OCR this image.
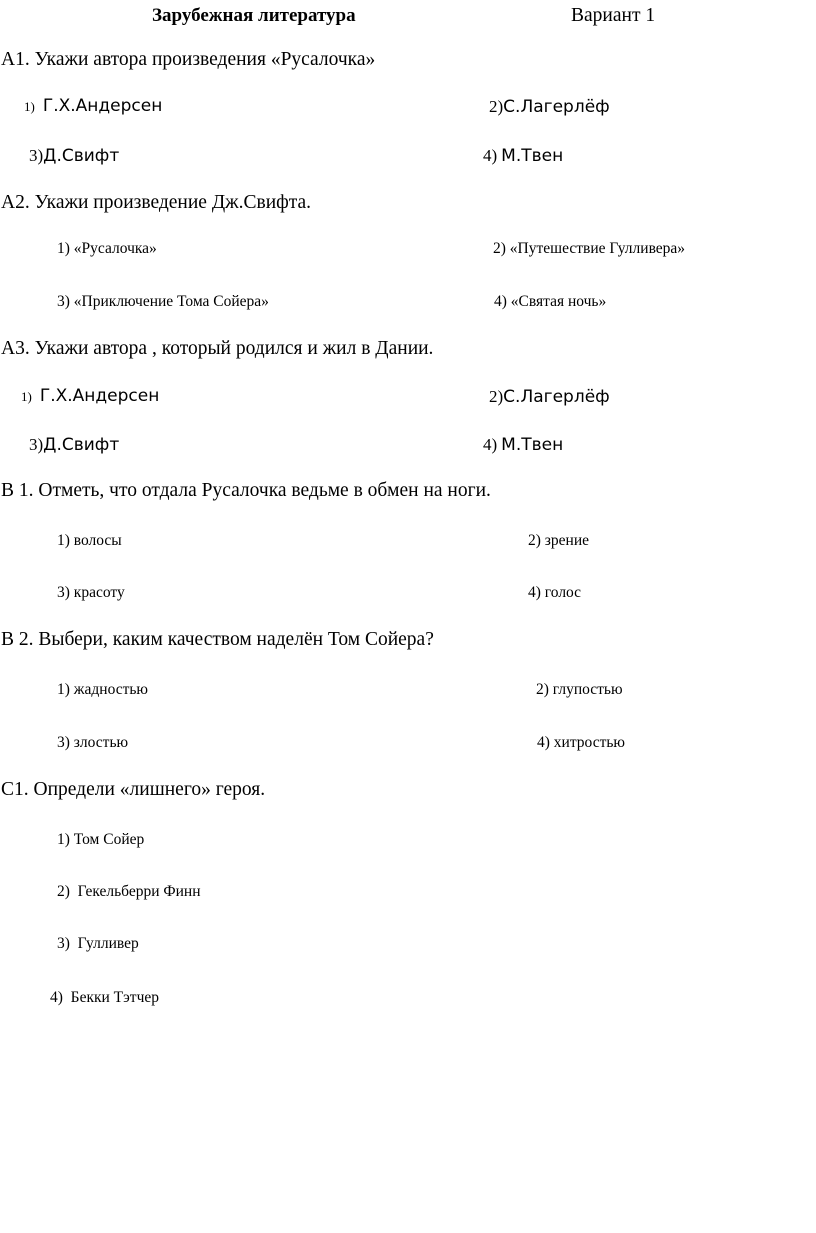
Зарубежная литература	Вариант 1
А1. Укажи автора произведения «Русалочка»
1) Г.Х.Андерсен	2)С.Лагерлёф
3)Д.Свифт	4) М.Твен
А2. Укажи произведение Дж.Свифта.
1) «Русалочка»	2) «Путешествие Гулливера»
3) «Приключение Тома Сойера»	4) «Святая ночь»
А3. Укажи автора , который родился и жил в Дании.
1) Г.Х.Андерсен	2)С.Лагерлёф
3)Д.Свифт	4) М.Твен
В 1. Отметь, что отдала Русалочка ведьме в обмен на ноги.
1) волосы	2) зрение
3) красоту	4) голос
В 2. Выбери, каким качеством наделён Том Сойера?
1) жадностью	2) глупостью
3) злостью	4) хитростью
С1. Определи «лишнего» героя.
1) Том Сойер
2) Гекельберри Финн
3) Гулливер
4) Бекки Тэтчер
